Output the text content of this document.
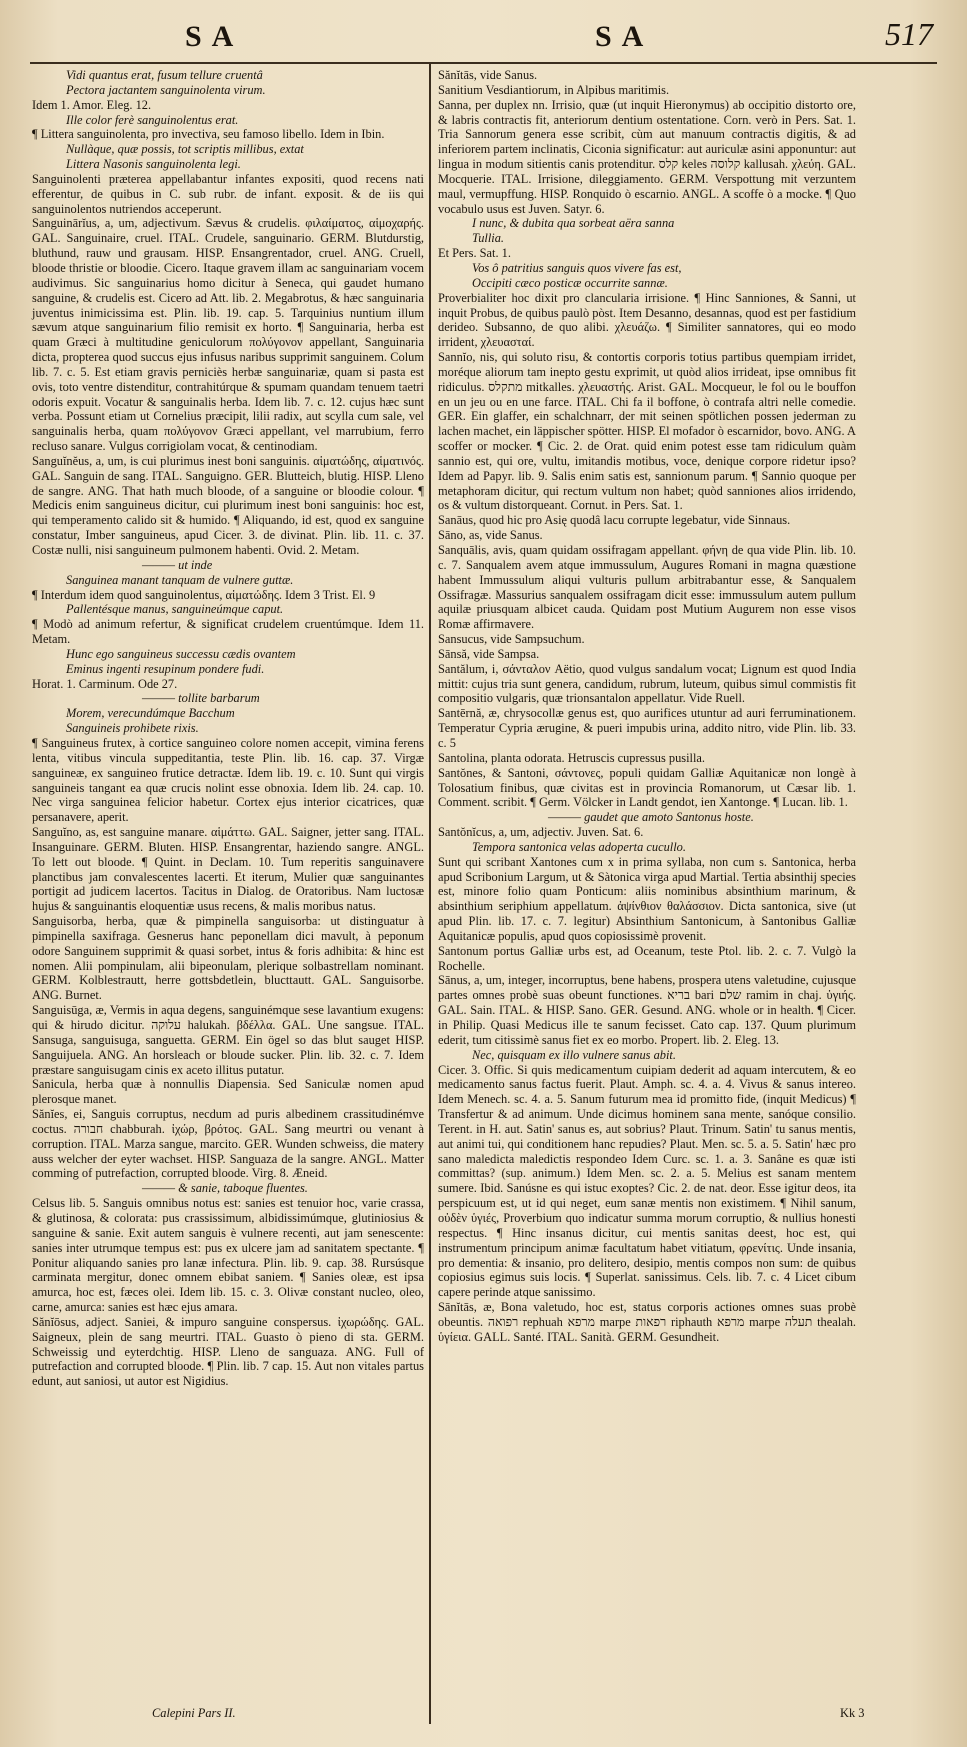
SA	SA	517

Vidi quantus erat, fusum tellure cruentâ

Pectora jactantem sanguinolenta virum.

Idem 1. Amor. Eleg. 12.

Ille color ferè sanguinolentus erat.

¶ Littera sanguinolenta, pro invectiva, seu famoso libello. Idem in Ibin.

Nullàque, quæ possis, tot scriptis millibus, extat

Littera Nasonis sanguinolenta legi.

Sanguinolenti præterea appellabantur infantes expositi, quod recens nati efferentur, de quibus in C. sub rubr. de infant. exposit. & de iis qui sanguinolentos nutriendos acceperunt.

Sanguinārĭus, a, um, adjectivum. Sævus & crudelis. φιλαίματος, αἱμοχαρής. GAL. Sanguinaire, cruel. ITAL. Crudele, sanguinario. GERM. Blutdurstig, bluthund, rauw und grausam. HISP. Ensangrentador, cruel. ANG. Cruell, bloode thristie or bloodie. Cicero. Itaque gravem illam ac sanguinariam vocem audivimus. Sic sanguinarius homo dicitur à Seneca, qui gaudet humano sanguine, & crudelis est. Cicero ad Att. lib. 2. Megabrotus, & hæc sanguinaria juventus inimicissima est. Plin. lib. 19. cap. 5. Tarquinius nuntium illum sævum atque sanguinarium filio remisit ex horto. ¶ Sanguinaria, herba est quam Græci à multitudine geniculorum πολύγονον appellant, Sanguinaria dicta, propterea quod succus ejus infusus naribus supprimit sanguinem. Colum lib. 7. c. 5. Est etiam gravis perniciès herbæ sanguinariæ, quam si pasta est ovis, toto ventre distenditur, contrahitúrque & spumam quandam tenuem taetri odoris expuit. Vocatur & sanguinalis herba. Idem lib. 7. c. 12. cujus hæc sunt verba. Possunt etiam ut Cornelius præcipit, lilii radix, aut scylla cum sale, vel sanguinalis herba, quam πολύγονον Græci appellant, vel marrubium, ferro recluso sanare. Vulgus corrigiolam vocat, & centinodiam.

Sanguĭnĕus, a, um, is cui plurimus inest boni sanguinis. αἱματώδης, αἱματινός. GAL. Sanguin de sang. ITAL. Sanguigno. GER. Blutteich, blutig. HISP. Lleno de sangre. ANG. That hath much bloode, of a sanguine or bloodie colour. ¶ Medicis enim sanguineus dicitur, cui plurimum inest boni sanguinis: hoc est, qui temperamento calido sit & humido. ¶ Aliquando, id est, quod ex sanguine constatur, Imber sanguineus, apud Cicer. 3. de divinat. Plin. lib. 11. c. 37. Costæ nulli, nisi sanguineum pulmonem habenti. Ovid. 2. Metam.

——— ut inde

Sanguinea manant tanquam de vulnere guttæ.

¶ Interdum idem quod sanguinolentus, αἱματώδης. Idem 3 Trist. El. 9

Pallentésque manus, sanguineúmque caput.

¶ Modò ad animum refertur, & significat crudelem cruentúmque. Idem 11. Metam.

Hunc ego sanguineus successu cædis ovantem

Eminus ingenti resupinum pondere fudi.

Horat. 1. Carminum. Ode 27.

——— tollite barbarum

Morem, verecundúmque Bacchum

Sanguineis prohibete rixis.

¶ Sanguineus frutex, à cortice sanguineo colore nomen accepit, vimina ferens lenta, vitibus vincula suppeditantia, teste Plin. lib. 16. cap. 37. Virgæ sanguineæ, ex sanguineo frutice detractæ. Idem lib. 19. c. 10. Sunt qui virgis sanguineis tangant ea quæ crucis nolint esse obnoxia. Idem lib. 24. cap. 10. Nec virga sanguinea felicior habetur. Cortex ejus interior cicatrices, quæ persanavere, aperit.

Sanguĭno, as, est sanguine manare. αἱμάττω. GAL. Saigner, jetter sang. ITAL. Insanguinare. GERM. Bluten. HISP. Ensangrentar, haziendo sangre. ANGL. To lett out bloode. ¶ Quint. in Declam. 10. Tum reperitis sanguinavere planctibus jam convalescentes lacerti. Et iterum, Mulier quæ sanguinantes portigit ad judicem lacertos. Tacitus in Dialog. de Oratoribus. Nam luctosæ hujus & sanguinantis eloquentiæ usus recens, & malis moribus natus.

Sanguisorba, herba, quæ & pimpinella sanguisorba: ut distinguatur à pimpinella saxifraga. Gesnerus hanc peponellam dici mavult, à peponum odore Sanguinem supprimit & quasi sorbet, intus & foris adhibita: & hinc est nomen. Alii pompinulam, alii bipeonulam, plerique solbastrellam nominant. GERM. Kolblestrautt, herre gottsbdetlein, blucttautt. GAL. Sanguisorbe. ANG. Burnet.

Sanguisūga, æ, Vermis in aqua degens, sanguinémque sese lavantium exugens: qui & hirudo dicitur. עלוקה halukah. βδέλλα. GAL. Une sangsue. ITAL. Sansuga, sanguisuga, sanguetta. GERM. Ein ögel so das blut sauget HISP. Sanguijuela. ANG. An horsleach or bloude sucker. Plin. lib. 32. c. 7. Idem præstare sanguisugam cinis ex aceto illitus putatur.

Sanicula, herba quæ à nonnullis Diapensia. Sed Saniculæ nomen apud plerosque manet.

Sănĭes, ei, Sanguis corruptus, necdum ad puris albedinem crassitudinémve coctus. חבורה chabburah. ἰχώρ, βρότος. GAL. Sang meurtri ou venant à corruption. ITAL. Marza sangue, marcito. GER. Wunden schweiss, die matery auss welcher der eyter wachset. HISP. Sanguaza de la sangre. ANGL. Matter comming of putrefaction, corrupted bloode. Virg. 8. Æneid.

——— & sanie, taboque fluentes.

Celsus lib. 5. Sanguis omnibus notus est: sanies est tenuior hoc, varie crassa, & glutinosa, & colorata: pus crassissimum, albidissimúmque, glutiniosius & sanguine & sanie. Exit autem sanguis è vulnere recenti, aut jam senescente: sanies inter utrumque tempus est: pus ex ulcere jam ad sanitatem spectante. ¶ Ponitur aliquando sanies pro lanæ infectura. Plin. lib. 9. cap. 38. Rursúsque carminata mergitur, donec omnem ebibat saniem. ¶ Sanies oleæ, est ipsa amurca, hoc est, fæces olei. Idem lib. 15. c. 3. Olivæ constant nucleo, oleo, carne, amurca: sanies est hæc ejus amara.

Sănĭōsus, adject. Saniei, & impuro sanguine conspersus. ἰχωρώδης. GAL. Saigneux, plein de sang meurtri. ITAL. Guasto ò pieno di sta. GERM. Schweissig und eyterdchtig. HISP. Lleno de sanguaza. ANG. Full of putrefaction and corrupted bloode. ¶ Plin. lib. 7 cap. 15. Aut non vitales partus edunt, aut saniosi, ut autor est Nigidius.

Sănĭtās, vide Sanus.

Sanitium Vesdiantiorum, in Alpibus maritimis.

Sanna, per duplex nn. Irrisio, quæ (ut inquit Hieronymus) ab occipitio distorto ore, & labris contractis fit, anteriorum dentium ostentatione. Corn. verò in Pers. Sat. 1. Tria Sannorum genera esse scribit, cùm aut manuum contractis digitis, & ad inferiorem partem inclinatis, Ciconia significatur: aut auriculæ asini apponuntur: aut lingua in modum sitientis canis protenditur. קלס keles קלוסה kallusah. χλεύη. GAL. Mocquerie. ITAL. Irrisione, dileggiamento. GERM. Verspottung mit verzuntem maul, vermupffung. HISP. Ronquido ò escarnio. ANGL. A scoffe ò a mocke. ¶ Quo vocabulo usus est Juven. Satyr. 6.

I nunc, & dubita qua sorbeat aëra sanna

Tullia.

Et Pers. Sat. 1.

Vos ô patritius sanguis quos vivere fas est,

Occipiti cæco posticæ occurrite sannæ.

Proverbialiter hoc dixit pro clancularia irrisione. ¶ Hinc Sanniones, & Sanni, ut inquit Probus, de quibus paulò pòst. Item Desanno, desannas, quod est per fastidium derideo. Subsanno, de quo alibi. χλευάζω. ¶ Similiter sannatores, qui eo modo irrident, χλευασταί.

Sannĭo, nis, qui soluto risu, & contortis corporis totius partibus quempiam irridet, moréque aliorum tam inepto gestu exprimit, ut quòd alios irrideat, ipse omnibus fit ridiculus. מתקלס mitkalles. χλευαστής. Arist. GAL. Mocqueur, le fol ou le bouffon en un jeu ou en une farce. ITAL. Chi fa il boffone, ò contrafa altri nelle comedie. GER. Ein glaffer, ein schalchnarr, der mit seinen spötlichen possen jederman zu lachen machet, ein läppischer spötter. HISP. El mofador ò escarnidor, bovo. ANG. A scoffer or mocker. ¶ Cic. 2. de Orat. quid enim potest esse tam ridiculum quàm sannio est, qui ore, vultu, imitandis motibus, voce, denique corpore ridetur ipso? Idem ad Papyr. lib. 9. Salis enim satis est, sannionum parum. ¶ Sannio quoque per metaphoram dicitur, qui rectum vultum non habet; quòd sanniones alios irridendo, os & vultum distorqueant. Cornut. in Pers. Sat. 1.

Sanāus, quod hic pro Asię quodâ lacu corrupte legebatur, vide Sinnaus.

Sāno, as, vide Sanus.

Sanquālis, avis, quam quidam ossifragam appellant. φήνη de qua vide Plin. lib. 10. c. 7. Sanqualem avem atque immussulum, Augures Romani in magna quæstione habent Immussulum aliqui vulturis pullum arbitrabantur esse, & Sanqualem Ossifragæ. Massurius sanqualem ossifragam dicit esse: immussulum autem pullum aquilæ priusquam albicet cauda. Quidam post Mutium Augurem non esse visos Romæ affirmavere.

Sansucus, vide Sampsuchum.

Sānsă, vide Sampsa.

Santălum, i, σάνταλον Aëtio, quod vulgus sandalum vocat; Lignum est quod India mittit: cujus tria sunt genera, candidum, rubrum, luteum, quibus simul commistis fit compositio vulgaris, quæ trionsantalon appellatur. Vide Ruell.

Santērnă, æ, chrysocollæ genus est, quo aurifices utuntur ad auri ferruminationem. Temperatur Cypria ærugine, & pueri impubis urina, addito nitro, vide Plin. lib. 33. c. 5

Santolina, planta odorata. Hetruscis cupressus pusilla.

Santŏnes, & Santoni, σάντονες, populi quidam Galliæ Aquitanicæ non longè à Tolosatium finibus, quæ civitas est in provincia Romanorum, ut Cæsar lib. 1. Comment. scribit. ¶ Germ. Völcker in Landt gendot, ien Xantonge. ¶ Lucan. lib. 1.

——— gaudet que amoto Santonus hoste.

Santŏnĭcus, a, um, adjectiv. Juven. Sat. 6.

Tempora santonica velas adoperta cucullo.

Sunt qui scribant Xantones cum x in prima syllaba, non cum s. Santonica, herba apud Scribonium Largum, ut & Sàtonica virga apud Martial. Tertia absinthij species est, minore folio quam Ponticum: aliis nominibus absinthium marinum, & absinthium seriphium appellatum. ἀψίνθιον θαλάσσιον. Dicta santonica, sive (ut apud Plin. lib. 17. c. 7. legitur) Absinthium Santonicum, à Santonibus Galliæ Aquitanicæ populis, apud quos copiosissimè provenit.

Santonum portus Galliæ urbs est, ad Oceanum, teste Ptol. lib. 2. c. 7. Vulgò la Rochelle.

Sānus, a, um, integer, incorruptus, bene habens, prospera utens valetudine, cujusque partes omnes probè suas obeunt functiones. בריא bari שלם ramim in chaj. ὑγιής. GAL. Sain. ITAL. & HISP. Sano. GER. Gesund. ANG. whole or in health. ¶ Cicer. in Philip. Quasi Medicus ille te sanum fecisset. Cato cap. 137. Quum plurimum ederit, tum citissimè sanus fiet ex eo morbo. Propert. lib. 2. Eleg. 13.

Nec, quisquam ex illo vulnere sanus abit.

Cicer. 3. Offic. Si quis medicamentum cuipiam dederit ad aquam intercutem, & eo medicamento sanus factus fuerit. Plaut. Amph. sc. 4. a. 4. Vivus & sanus intereo. Idem Menech. sc. 4. a. 5. Sanum futurum mea id promitto fide, (inquit Medicus) ¶ Transfertur & ad animum. Unde dicimus hominem sana mente, sanóque consilio. Terent. in H. aut. Satin' sanus es, aut sobrius? Plaut. Trinum. Satin' tu sanus mentis, aut animi tui, qui conditionem hanc repudies? Plaut. Men. sc. 5. a. 5. Satin' hæc pro sano maledicta maledictis respondeo Idem Curc. sc. 1. a. 3. Sanâne es quæ isti committas? (sup. animum.) Idem Men. sc. 2. a. 5. Melius est sanam mentem sumere. Ibid. Sanúsne es qui istuc exoptes? Cic. 2. de nat. deor. Esse igitur deos, ita perspicuum est, ut id qui neget, eum sanæ mentis non existimem. ¶ Nihil sanum, οὐδὲν ὑγιές, Proverbium quo indicatur summa morum corruptio, & nullius honesti respectus. ¶ Hinc insanus dicitur, cui mentis sanitas deest, hoc est, qui instrumentum principum animæ facultatum habet vitiatum, φρενίτις. Unde insania, pro dementia: & insanio, pro delitero, desipio, mentis compos non sum: de quibus copiosius egimus suis locis. ¶ Superlat. sanissimus. Cels. lib. 7. c. 4 Licet cibum capere perinde atque sanissimo.

Sānĭtās, æ, Bona valetudo, hoc est, status corporis actiones omnes suas probè obeuntis. רפואה rephuah מרפא marpe רפאות riphauth מרפא marpe תעלה thealah. ὑγίεια. GALL. Santé. ITAL. Sanità. GERM. Gesundheit.

Calepini Pars II.	Kk 3
